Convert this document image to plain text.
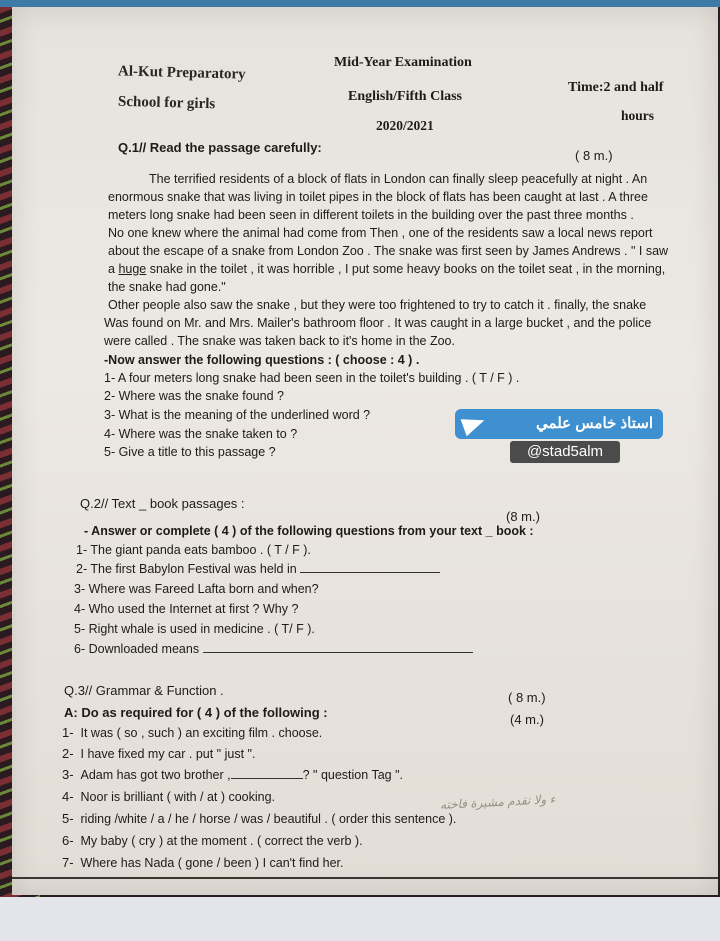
Al-Kut Preparatory
School for girls
Mid-Year Examination
English/Fifth Class
2020/2021
Time:2 and half
hours
Q.1// Read the passage carefully:
( 8 m.)
The terrified residents of a block of flats in London can finally sleep peacefully at night . An
enormous snake that was living in toilet pipes in the block of flats has been caught at last . A three
meters long snake had been seen in different toilets in the building over the past three months .
No one knew where the animal had come from Then , one of the residents saw a local news report
about the escape of a snake from London Zoo . The snake was first seen by James Andrews . " I saw
a huge snake in the toilet , it was horrible , I put some heavy books on the toilet seat , in the morning,
the snake had gone."
Other people also saw the snake , but they were too frightened to try to catch it . finally, the snake
Was found on Mr. and Mrs. Mailer's bathroom floor . It was caught in a large bucket , and the police
were called . The snake was taken back to it's home in the Zoo.
-Now answer the following questions : ( choose : 4 ) .
1- A four meters long snake had been seen in the toilet's building . ( T / F ) .
2- Where was the snake found ?
3- What is the meaning of the underlined word ?
4- Where was the snake taken to ?
5- Give a title to this passage ?
Q.2// Text _ book passages :
(8 m.)
- Answer or complete ( 4 ) of the following questions from your text _ book :
1- The giant panda eats bamboo . ( T / F ).
2- The first Babylon Festival was held in
3- Where was Fareed Lafta born and when?
4- Who used the Internet at first ? Why ?
5- Right whale is used in medicine . ( T/ F ).
6- Downloaded means
Q.3// Grammar & Function .	( 8 m.)
A: Do as required for ( 4 ) of the following :	(4 m.)
1- It was ( so , such ) an exciting film . choose.
2- I have fixed my car . put " just ".
3- Adam has got two brother ,	? " question Tag ".
4- Noor is brilliant ( with / at ) cooking.
5- riding /white / a / he / horse / was / beautiful . ( order this sentence ).
6- My baby ( cry ) at the moment . ( correct the verb ).
7- Where has Nada ( gone / been ) I can't find her.
ء ولا تقدم مشيرة فاخته
استاذ خامس علمي
@stad5alm
